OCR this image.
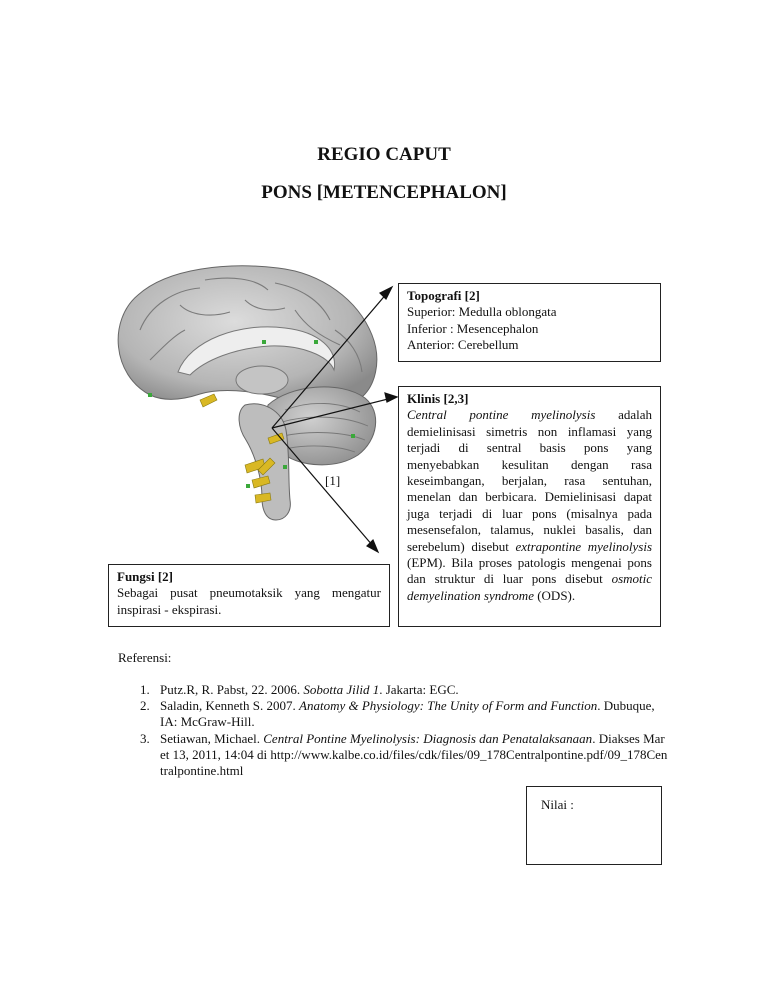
REGIO CAPUT
PONS [METENCEPHALON]
[1]
Topografi [2]
Superior: Medulla oblongata
Inferior : Mesencephalon
Anterior: Cerebellum
Klinis [2,3]
Central pontine myelinolysis adalah demielinisasi simetris non inflamasi yang terjadi di sentral basis pons yang menyebabkan kesulitan dengan rasa keseimbangan, berjalan, rasa sentuhan, menelan dan berbicara. Demielinisasi dapat juga terjadi di luar pons (misalnya pada mesensefalon, talamus, nuklei basalis, dan serebelum) disebut extrapontine myelinolysis (EPM). Bila proses patologis mengenai pons dan struktur di luar pons disebut osmotic demyelination syndrome (ODS).
Fungsi [2]
Sebagai pusat pneumotaksik yang mengatur inspirasi - ekspirasi.
Referensi:
1. Putz.R, R. Pabst, 22. 2006. Sobotta Jilid 1. Jakarta: EGC.
2. Saladin, Kenneth S. 2007. Anatomy & Physiology: The Unity of Form and Function. Dubuque, IA: McGraw-Hill.
3. Setiawan, Michael. Central Pontine Myelinolysis: Diagnosis dan Penatalaksanaan. Diakses Maret 13, 2011, 14:04 di http://www.kalbe.co.id/files/cdk/files/09_178Centralpontine.pdf/09_178Centralpontine.html
Nilai :
